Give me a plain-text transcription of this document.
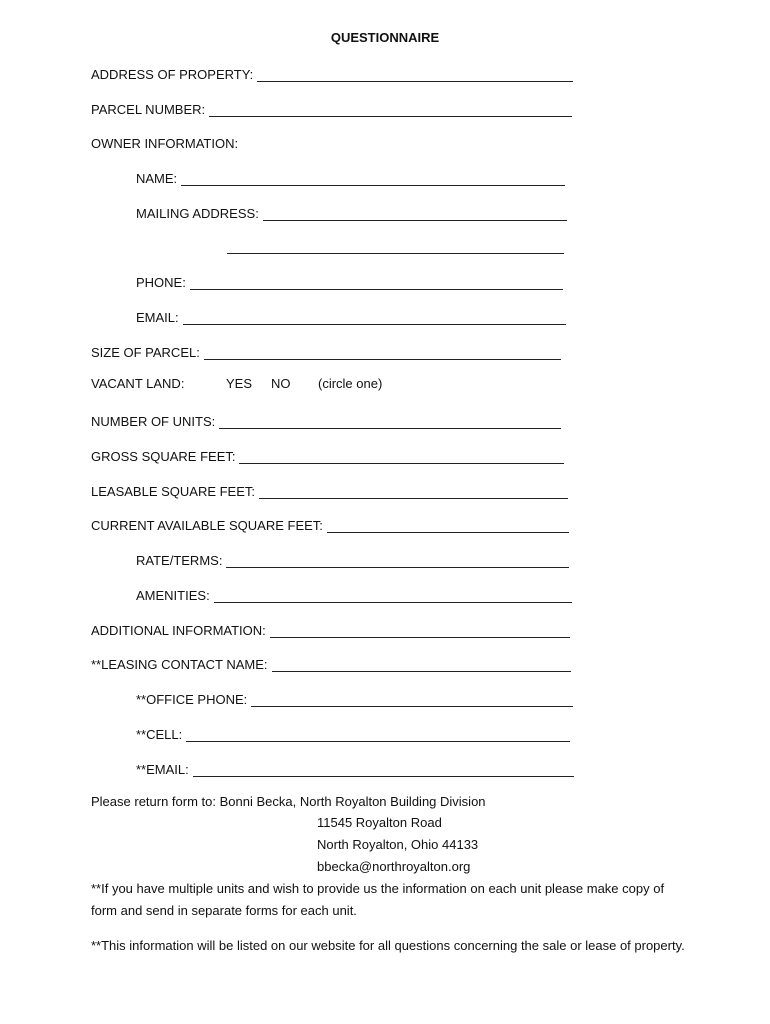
QUESTIONNAIRE
ADDRESS OF PROPERTY:
PARCEL NUMBER:
OWNER INFORMATION:
NAME:
MAILING ADDRESS:
PHONE:
EMAIL:
SIZE OF PARCEL:
VACANT LAND:	YES NO (circle one)
NUMBER OF UNITS:
GROSS SQUARE FEET:
LEASABLE SQUARE FEET:
CURRENT AVAILABLE SQUARE FEET:
RATE/TERMS:
AMENITIES:
ADDITIONAL INFORMATION:
**LEASING CONTACT NAME:
**OFFICE PHONE:
**CELL:
**EMAIL:
Please return form to: Bonni Becka, North Royalton Building Division
11545 Royalton Road
North Royalton, Ohio 44133
bbecka@northroyalton.org
**If you have multiple units and wish to provide us the information on each unit please make copy of form and send in separate forms for each unit.
**This information will be listed on our website for all questions concerning the sale or lease of property.
